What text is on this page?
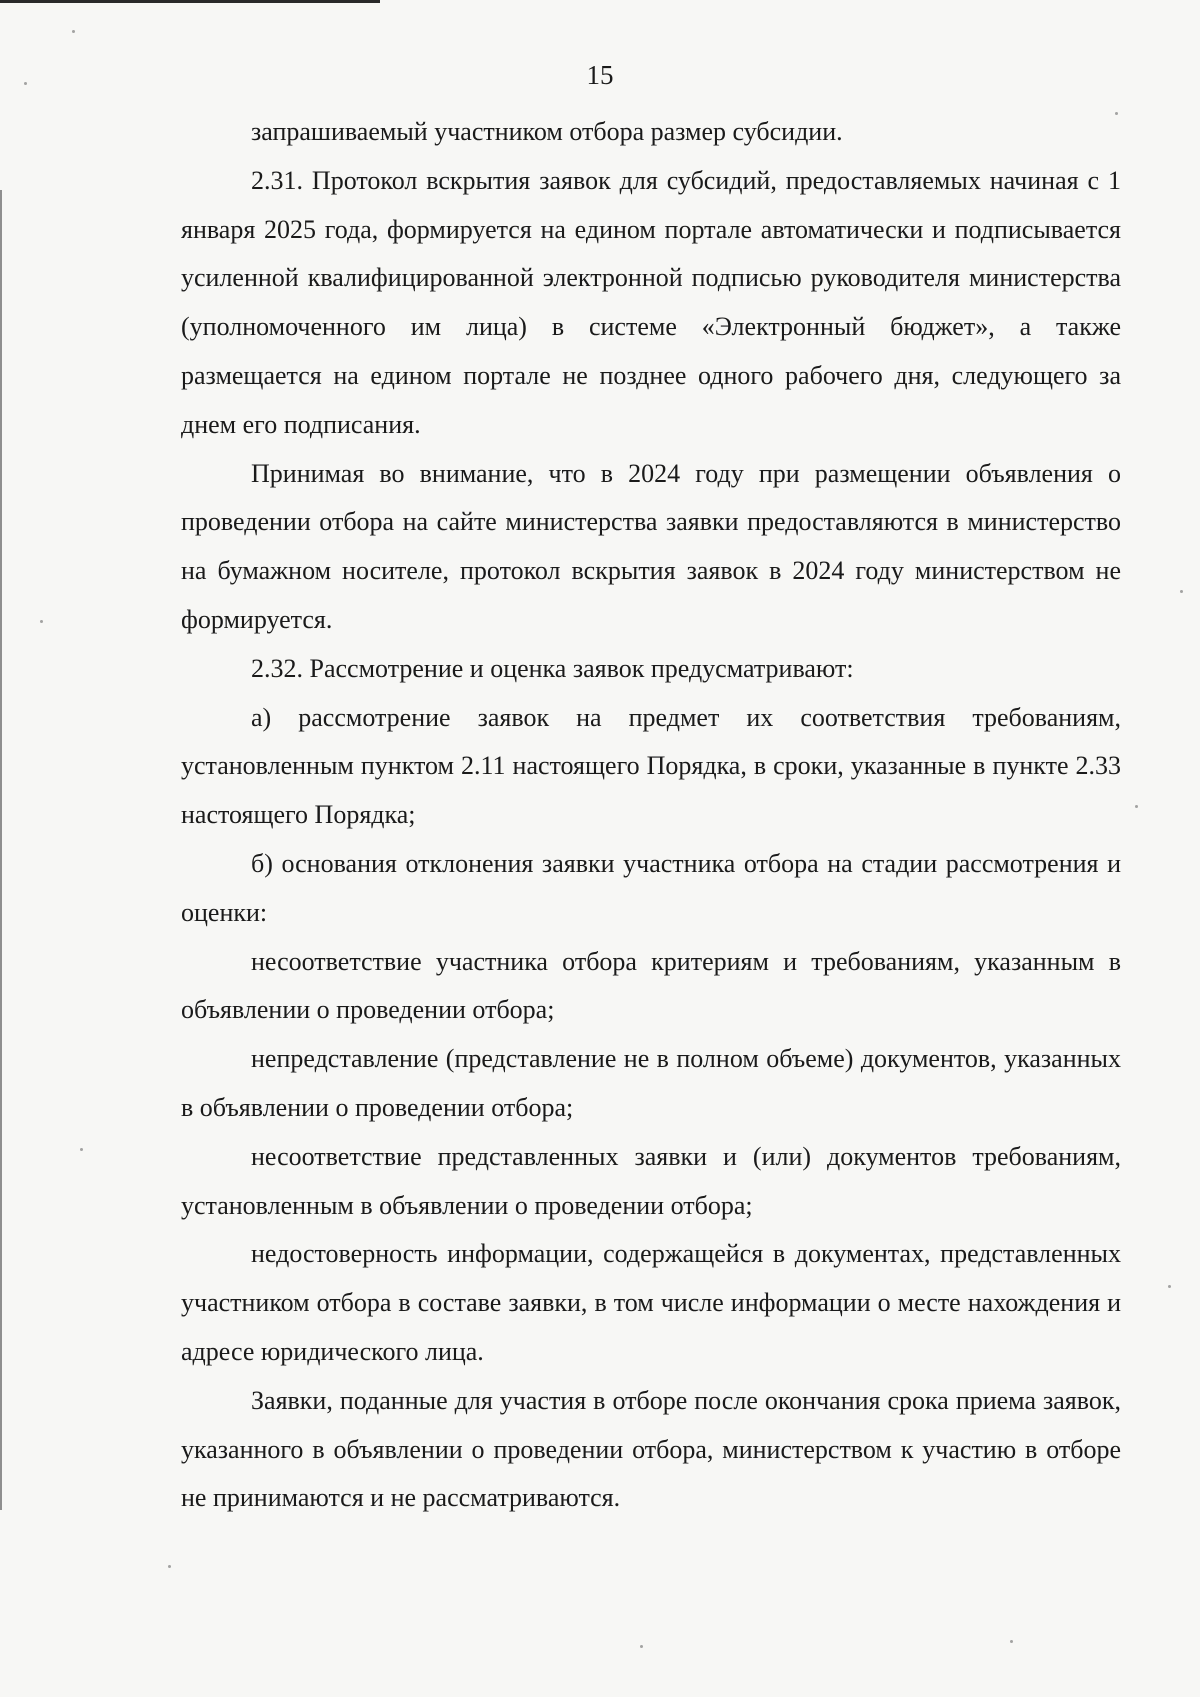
15

запрашиваемый участником отбора размер субсидии.

2.31. Протокол вскрытия заявок для субсидий, предоставляемых начиная с 1 января 2025 года, формируется на едином портале автоматически и подписывается усиленной квалифицированной электронной подписью руководителя министерства (уполномоченного им лица) в системе «Электронный бюджет», а также размещается на едином портале не позднее одного рабочего дня, следующего за днем его подписания.

Принимая во внимание, что в 2024 году при размещении объявления о проведении отбора на сайте министерства заявки предоставляются в министерство на бумажном носителе, протокол вскрытия заявок в 2024 году министерством не формируется.

2.32. Рассмотрение и оценка заявок предусматривают:

а) рассмотрение заявок на предмет их соответствия требованиям, установленным пунктом 2.11 настоящего Порядка, в сроки, указанные в пункте 2.33 настоящего Порядка;

б) основания отклонения заявки участника отбора на стадии рассмотрения и оценки:

несоответствие участника отбора критериям и требованиям, указанным в объявлении о проведении отбора;

непредставление (представление не в полном объеме) документов, указанных в объявлении о проведении отбора;

несоответствие представленных заявки и (или) документов требованиям, установленным в объявлении о проведении отбора;

недостоверность информации, содержащейся в документах, представленных участником отбора в составе заявки, в том числе информации о месте нахождения и адресе юридического лица.

Заявки, поданные для участия в отборе после окончания срока приема заявок, указанного в объявлении о проведении отбора, министерством к участию в отборе не принимаются и не рассматриваются.
